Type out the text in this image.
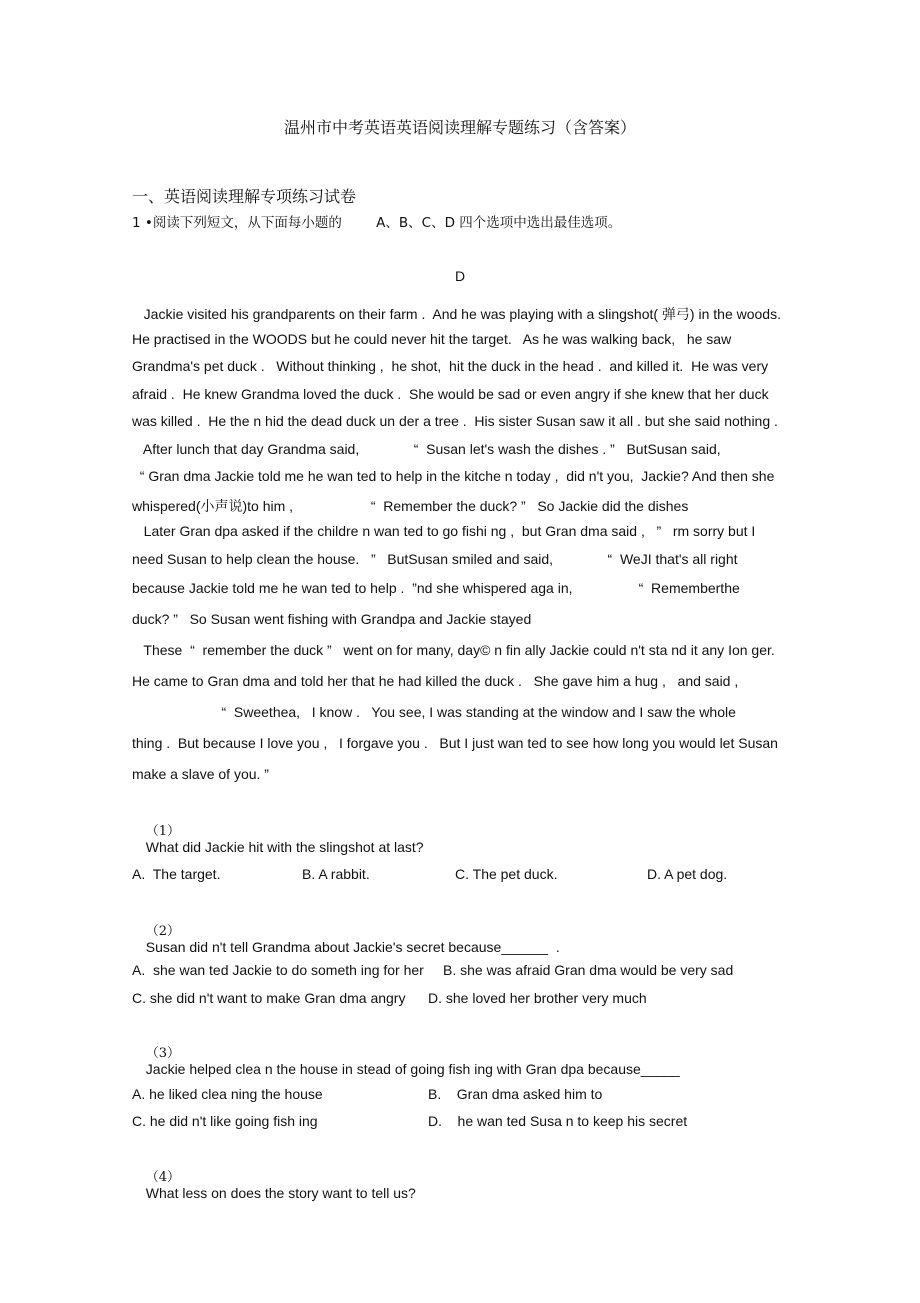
温州市中考英语英语阅读理解专题练习（含答案）
一、英语阅读理解专项练习试卷
1 •阅读下列短文，从下面每小题的        A、B、C、D 四个选项中选出最佳选项。
D
Jackie visited his grandparents on their farm .  And he was playing with a slingshot( 弹弓) in the woods.
He practised in the WOODS but he could never hit the target.   As he was walking back,   he saw
Grandma's pet duck .   Without thinking ,  he shot,  hit the duck in the head .  and killed it.  He was very
afraid .  He knew Grandma loved the duck .  She would be sad or even angry if she knew that her duck
was killed .  He the n hid the dead duck un der a tree .  His sister Susan saw it all . but she said nothing .
After lunch that day Grandma said,              “  Susan let's wash the dishes . ”   ButSusan said,
“ Gran dma Jackie told me he wan ted to help in the kitche n today ,  did n't you,  Jackie? And then she
whispered(小声说)to him ,                    “  Remember the duck? ”   So Jackie did the dishes
Later Gran dpa asked if the childre n wan ted to go fishi ng ,  but Gran dma said ,   ”   rm sorry but I
need Susan to help clean the house.   ”   ButSusan smiled and said,              “  WeJI that's all right
because Jackie told me he wan ted to help .  ”nd she whispered aga in,                 “  Rememberthe
duck? ”   So Susan went fishing with Grandpa and Jackie stayed
These  “  remember the duck ”   went on for many, day© n fin ally Jackie could n't sta nd it any Ion ger.
He came to Gran dma and told her that he had killed the duck .   She gave him a hug ,   and said ,
“  Sweethea,   I know .   You see, I was standing at the window and I saw the whole
thing .  But because I love you ,   I forgave you .   But I just wan ted to see how long you would let Susan
make a slave of you. ”

（1）
What did Jackie hit with the slingshot at last?

A.  The target.	B. A rabbit.	C. The pet duck.	D. A pet dog.

（2）
Susan did n't tell Grandma about Jackie's secret because______  .

A.  she wan ted Jackie to do someth ing for her B. she was afraid Gran dma would be very sad
C. she did n't want to make Gran dma angry D. she loved her brother very much

（3）
Jackie helped clea n the house in stead of going fish ing with Gran dpa because_____

A. he liked clea ning the house	B.    Gran dma asked him to
C. he did n't like going fish ing	D.    he wan ted Susa n to keep his secret

（4）
What less on does the story want to tell us?
